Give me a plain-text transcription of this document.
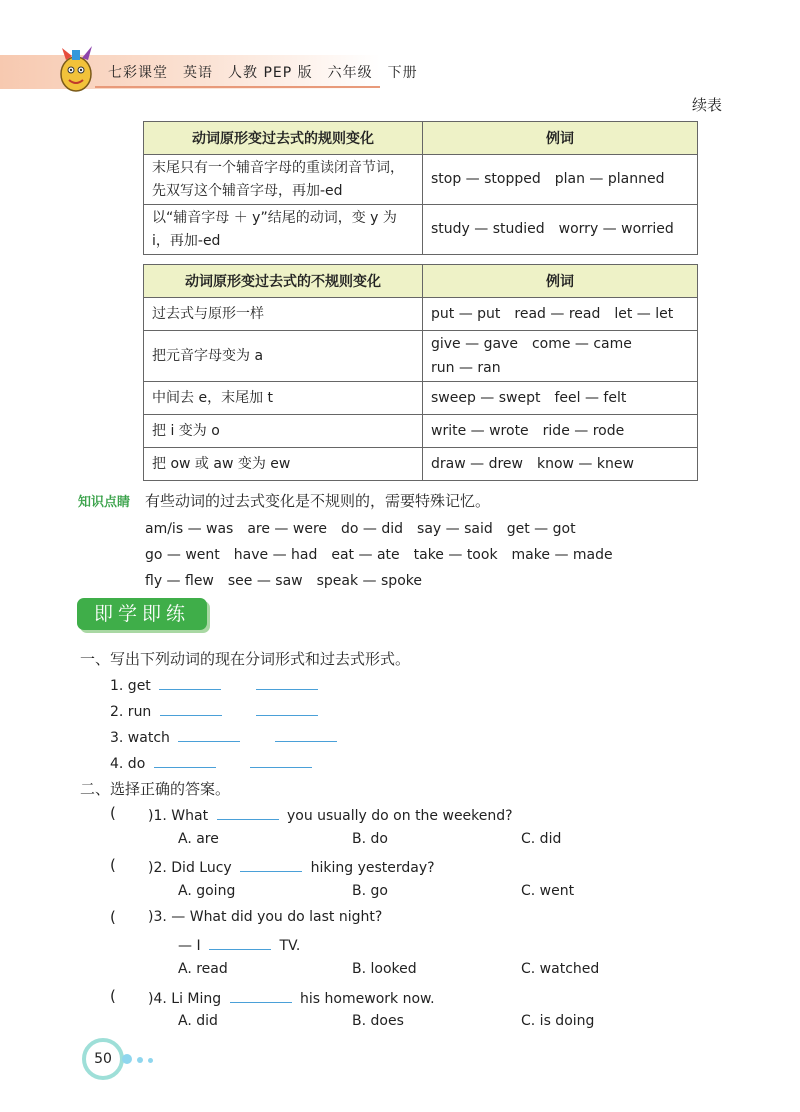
七彩课堂　英语　人教 PEP 版　六年级　下册
续表
动词原形变过去式的规则变化	例词
末尾只有一个辅音字母的重读闭音节词，先双写这个辅音字母，再加-ed	stop — stopped　plan — planned
以“辅音字母 ＋ y”结尾的动词，变 y 为 i，再加-ed	study — studied　worry — worried
动词原形变过去式的不规则变化	例词
过去式与原形一样	put — put　read — read　let — let
把元音字母变为 a	give — gave　come — came
run — ran

中间去 e，末尾加 t	sweep — swept　feel — felt
把 i 变为 o	write — wrote　ride — rode
把 ow 或 aw 变为 ew	draw — drew　know — knew
知识点睛 有些动词的过去式变化是不规则的，需要特殊记忆。
am/is — was　are — were　do — did　say — said　get — got
go — went　have — had　eat — ate　take — took　make — made
fly — flew　see — saw　speak — spoke
即学即练
一、写出下列动词的现在分词形式和过去式形式。
1. get
2. run
3. watch
4. do
二、选择正确的答案。
( )1. What	you usually do on the weekend?
A. are	B. do	C. did
( )2. Did Lucy	hiking yesterday?
A. going	B. go	C. went
( )3. — What did you do last night?
— I	TV.
A. read	B. looked	C. watched
( )4. Li Ming	his homework now.
A. did	B. does	C. is doing
50
